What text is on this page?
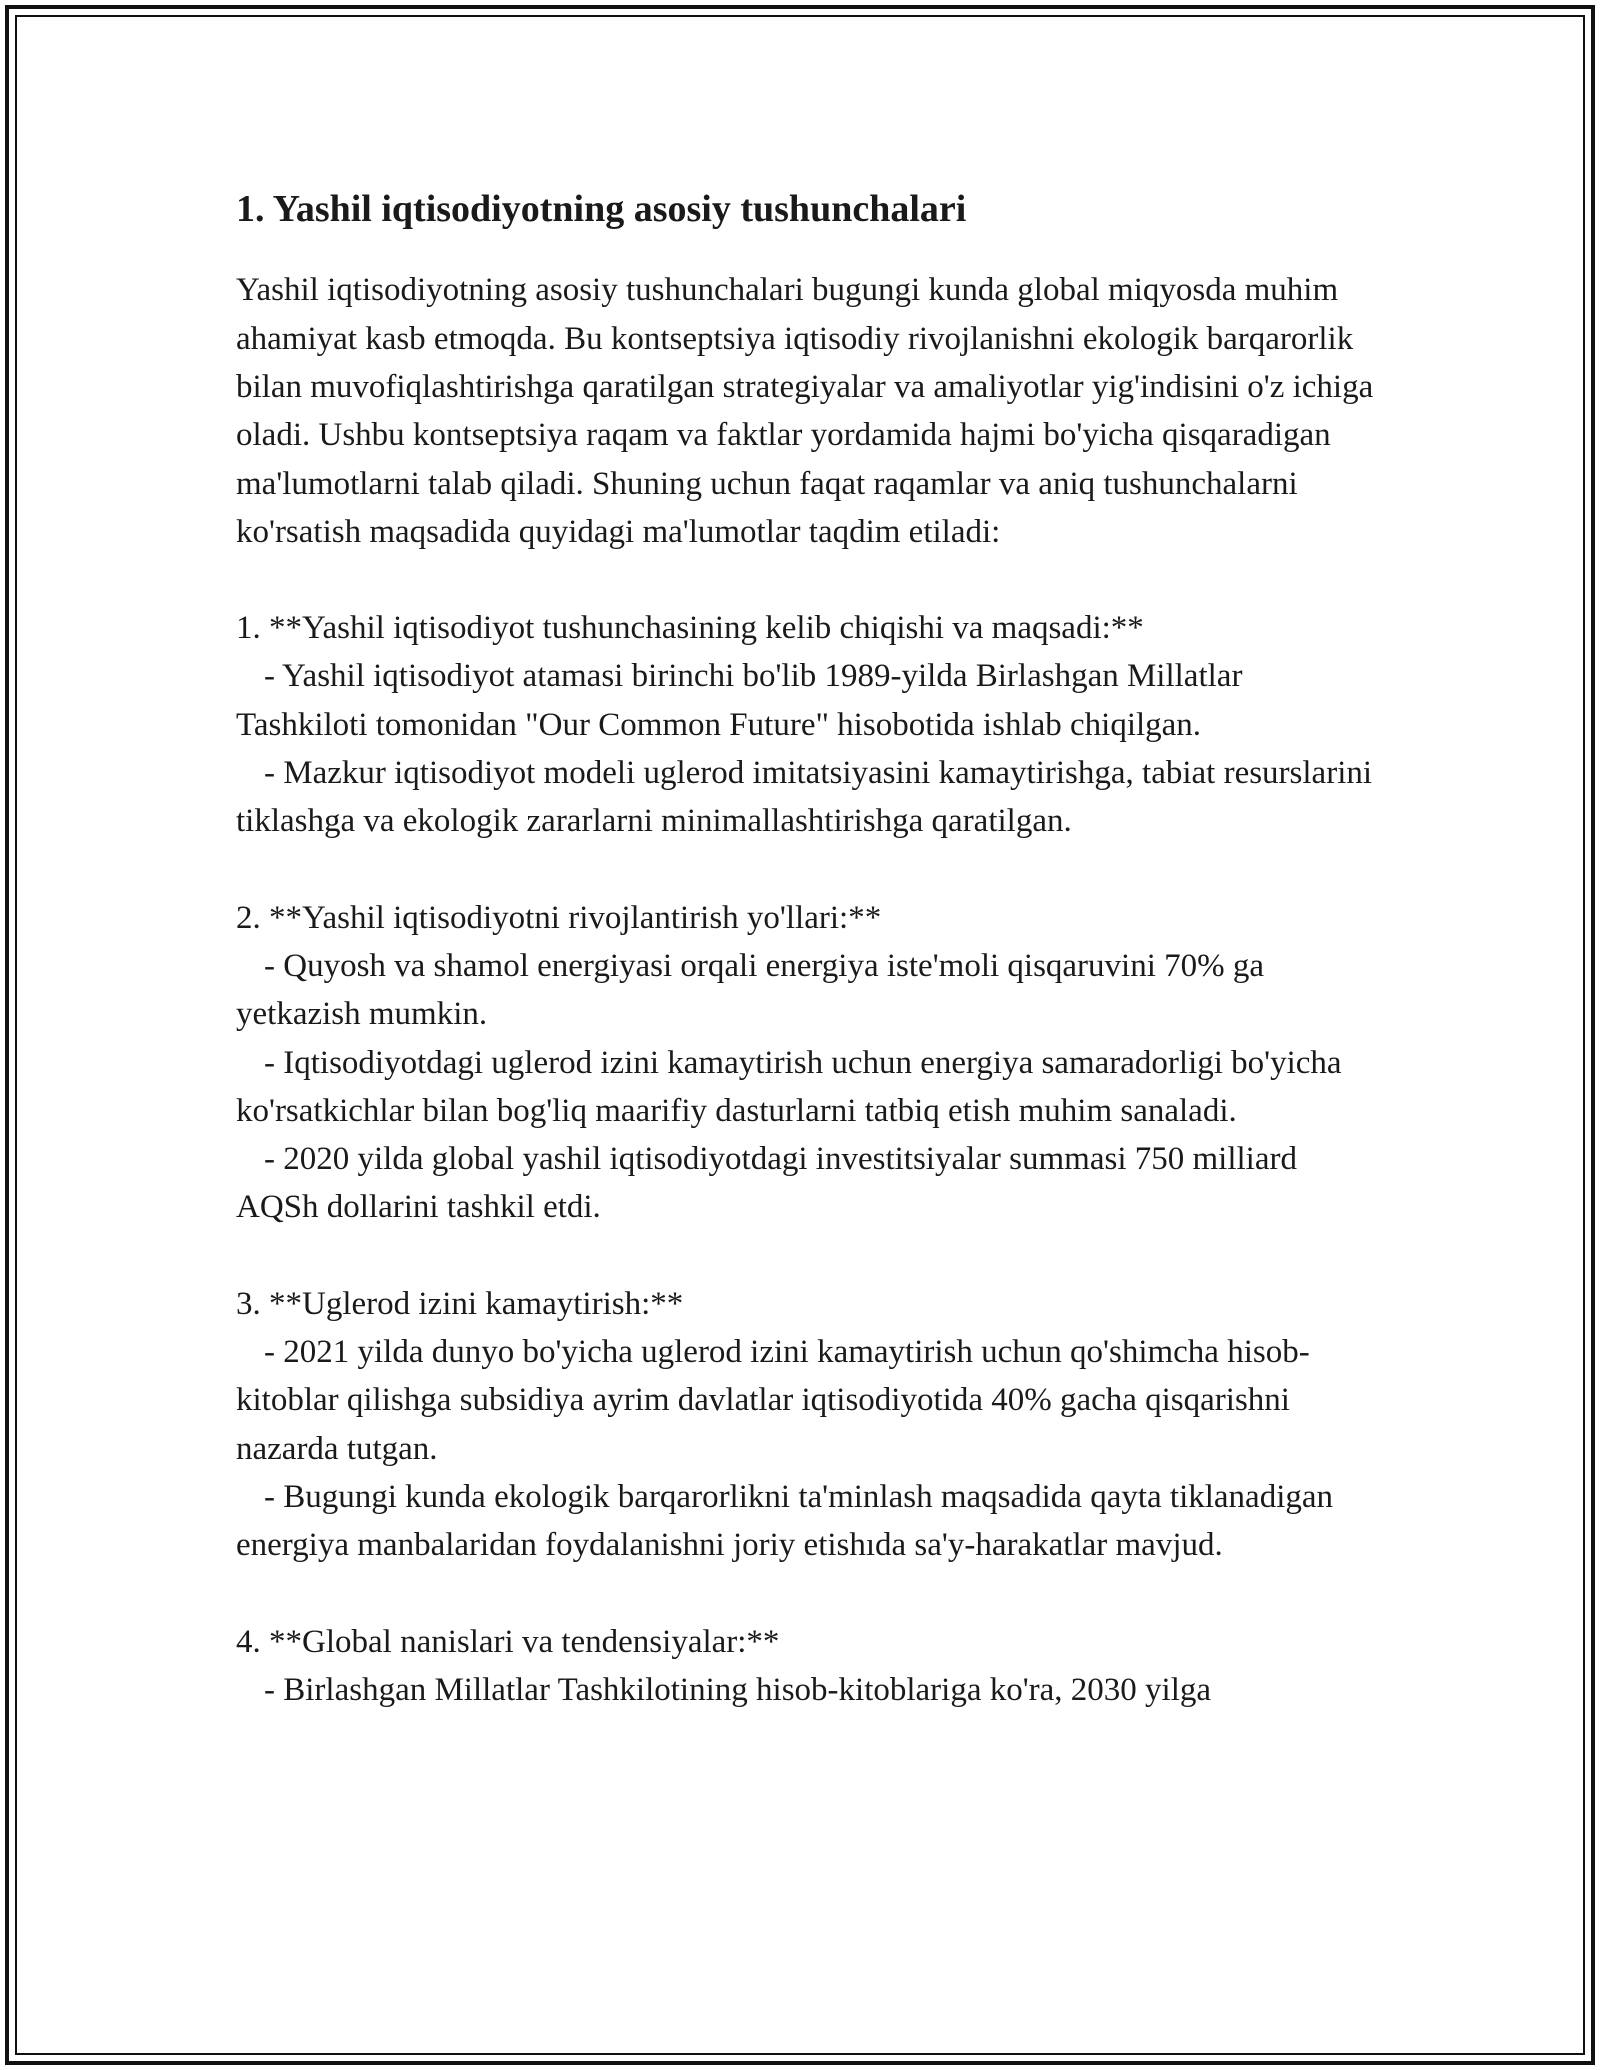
1. Yashil iqtisodiyotning asosiy tushunchalari

Yashil iqtisodiyotning asosiy tushunchalari bugungi kunda global miqyosda muhim ahamiyat kasb etmoqda. Bu kontseptsiya iqtisodiy rivojlanishni ekologik barqarorlik bilan muvofiqlashtirishga qaratilgan strategiyalar va amaliyotlar yig'indisini o'z ichiga oladi. Ushbu kontseptsiya raqam va faktlar yordamida hajmi bo'yicha qisqaradigan ma'lumotlarni talab qiladi. Shuning uchun faqat raqamlar va aniq tushunchalarni ko'rsatish maqsadida quyidagi ma'lumotlar taqdim etiladi:

1. **Yashil iqtisodiyot tushunchasining kelib chiqishi va maqsadi:**

- Yashil iqtisodiyot atamasi birinchi bo'lib 1989-yilda Birlashgan Millatlar Tashkiloti tomonidan "Our Common Future" hisobotida ishlab chiqilgan.

- Mazkur iqtisodiyot modeli uglerod imitatsiyasini kamaytirishga, tabiat resurslarini tiklashga va ekologik zararlarni minimallashtirishga qaratilgan.

2. **Yashil iqtisodiyotni rivojlantirish yo'llari:**

- Quyosh va shamol energiyasi orqali energiya iste'moli qisqaruvini 70% ga yetkazish mumkin.

- Iqtisodiyotdagi uglerod izini kamaytirish uchun energiya samaradorligi bo'yicha ko'rsatkichlar bilan bog'liq maarifiy dasturlarni tatbiq etish muhim sanaladi.

- 2020 yilda global yashil iqtisodiyotdagi investitsiyalar summasi 750 milliard AQSh dollarini tashkil etdi.

3. **Uglerod izini kamaytirish:**

- 2021 yilda dunyo bo'yicha uglerod izini kamaytirish uchun qo'shimcha hisob-kitoblar qilishga subsidiya ayrim davlatlar iqtisodiyotida 40% gacha qisqarishni nazarda tutgan.

- Bugungi kunda ekologik barqarorlikni ta'minlash maqsadida qayta tiklanadigan energiya manbalaridan foydalanishni joriy etishıda sa'y-harakatlar mavjud.

4. **Global nanislari va tendensiyalar:**

- Birlashgan Millatlar Tashkilotining hisob-kitoblariga ko'ra, 2030 yilga
